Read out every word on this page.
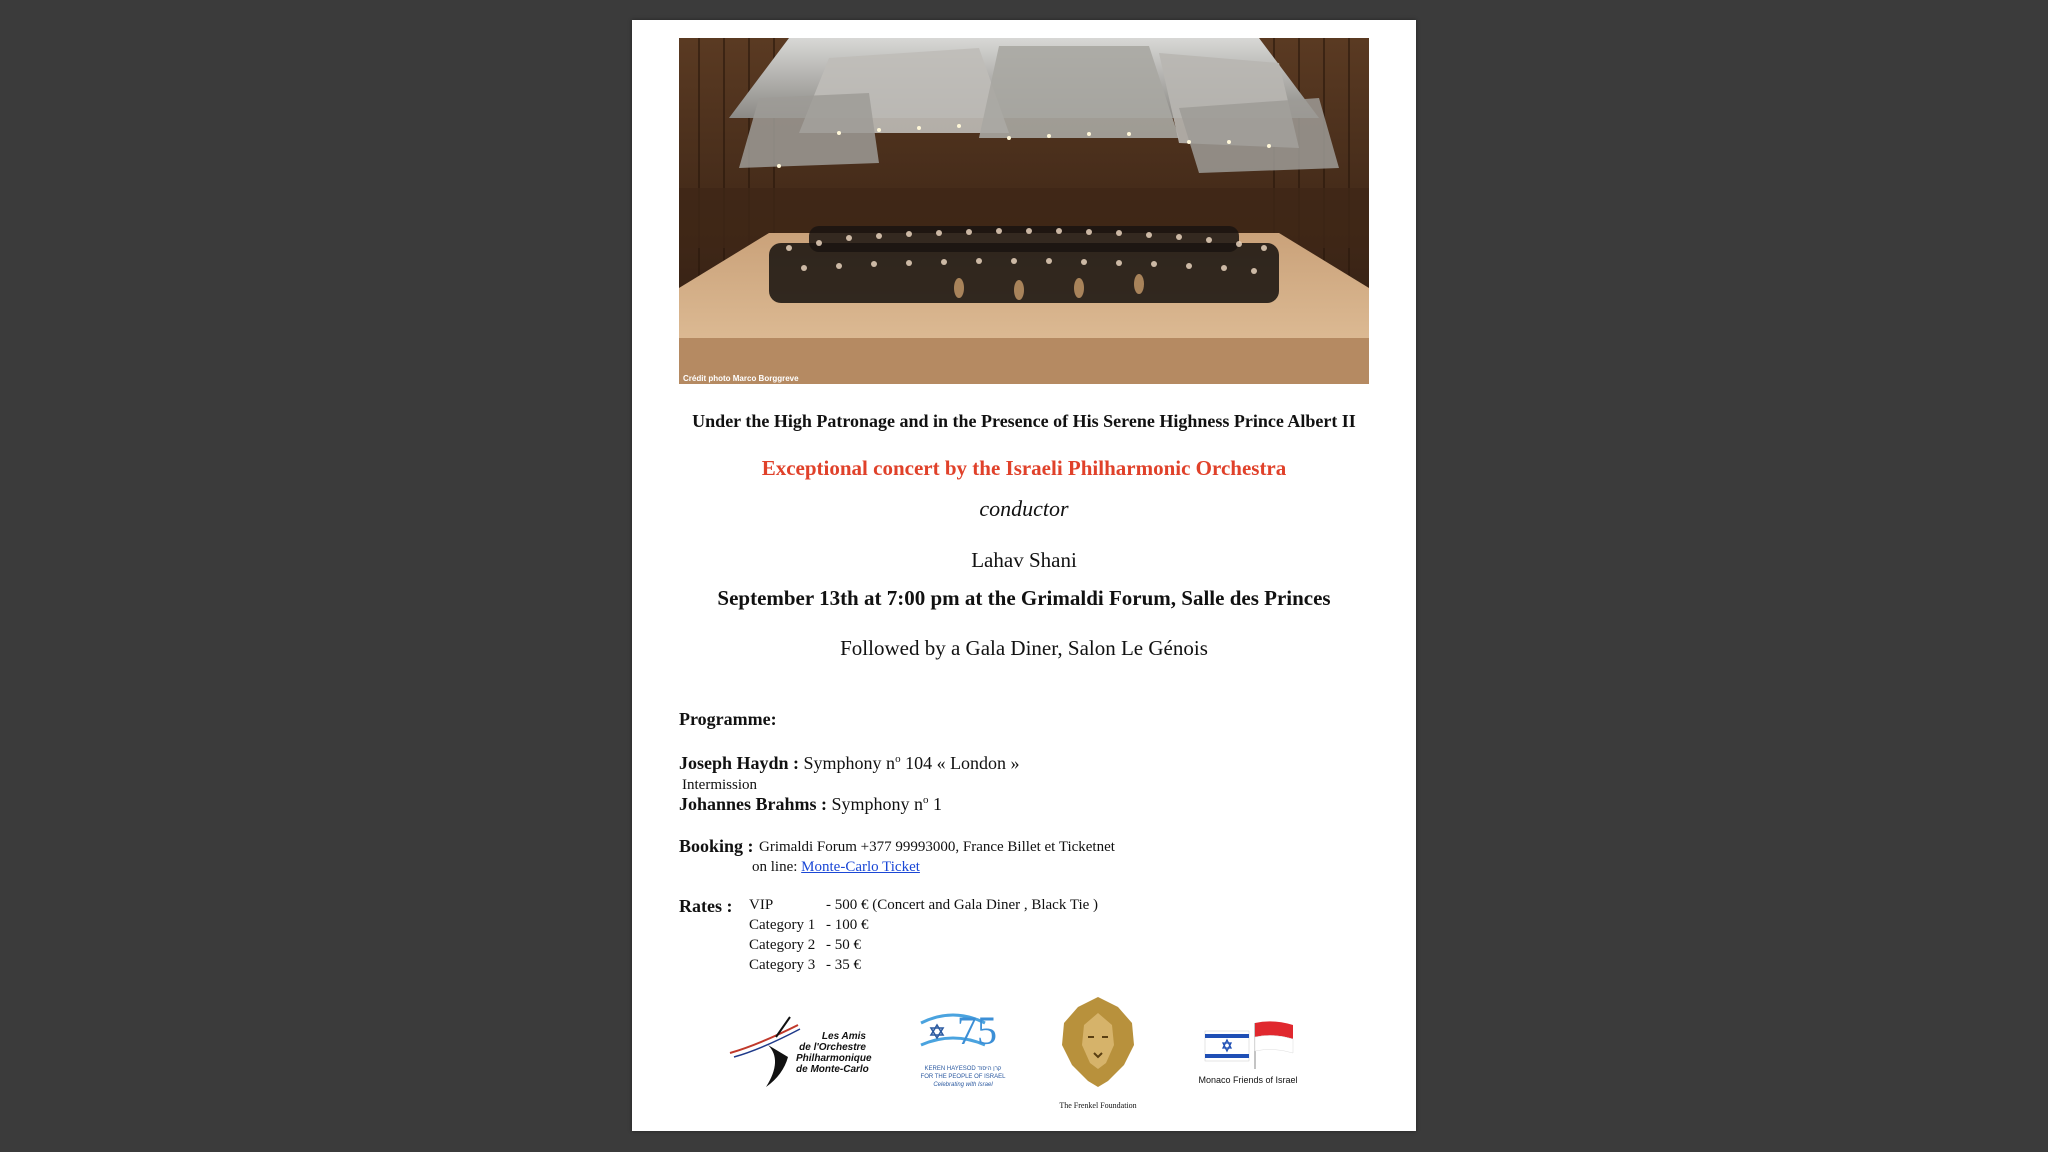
Crédit photo Marco Borggreve
Under the High Patronage and in the Presence of His Serene Highness Prince Albert II
Exceptional concert by the Israeli Philharmonic Orchestra
conductor
Lahav Shani
September 13th at 7:00 pm at the Grimaldi Forum, Salle des Princes
Followed by a Gala Diner, Salon Le Génois
Programme:
Joseph Haydn : Symphony $n^o$ 104 « London »
Intermission
Johannes Brahms : Symphony $n^o$ 1
Booking : Grimaldi Forum +377 99993000, France Billet et Ticketnet
on line: Monte-Carlo Ticket
Rates : VIP	- 500 € (Concert and Gala Diner , Black Tie )
Category 1 - 100 €
Category 2 - 50 €
Category 3 - 35 €
Les Amis
de l'Orchestre
Philharmonique
de Monte-Carlo
75
KEREN HAYESOD קרן היסוד
FOR THE PEOPLE OF ISRAEL
Celebrating with Israel
The Frenkel Foundation
Monaco Friends of Israel
